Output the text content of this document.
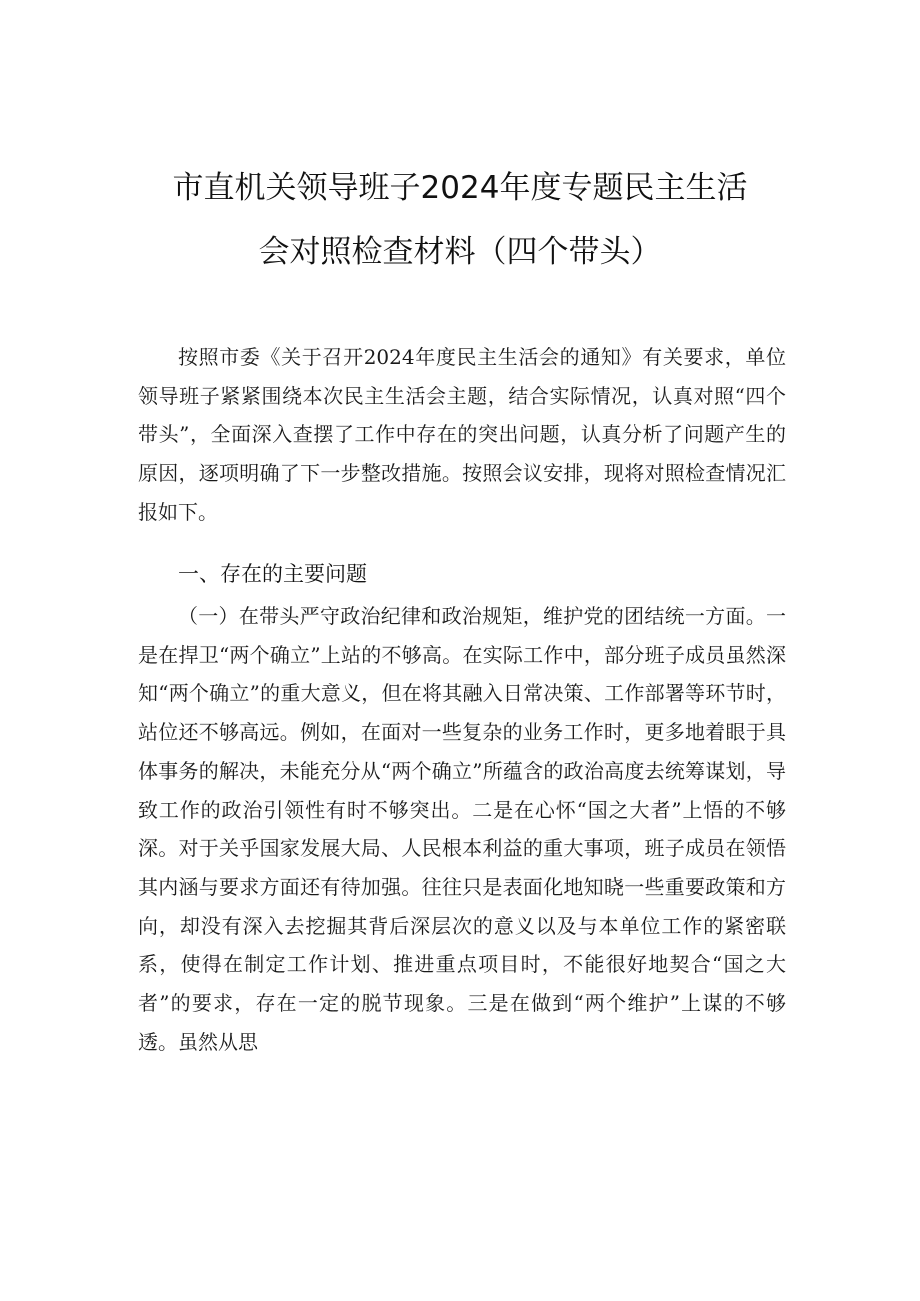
市直机关领导班子2024年度专题民主生活
会对照检查材料（四个带头）

按照市委《关于召开2024年度民主生活会的通知》有关要求，单位领导班子紧紧围绕本次民主生活会主题，结合实际情况，认真对照“四个带头”，全面深入查摆了工作中存在的突出问题，认真分析了问题产生的原因，逐项明确了下一步整改措施。按照会议安排，现将对照检查情况汇报如下。

一、存在的主要问题

（一）在带头严守政治纪律和政治规矩，维护党的团结统一方面。一是在捍卫“两个确立”上站的不够高。在实际工作中，部分班子成员虽然深知“两个确立”的重大意义，但在将其融入日常决策、工作部署等环节时，站位还不够高远。例如，在面对一些复杂的业务工作时，更多地着眼于具体事务的解决，未能充分从“两个确立”所蕴含的政治高度去统筹谋划，导致工作的政治引领性有时不够突出。二是在心怀“国之大者”上悟的不够深。对于关乎国家发展大局、人民根本利益的重大事项，班子成员在领悟其内涵与要求方面还有待加强。往往只是表面化地知晓一些重要政策和方向，却没有深入去挖掘其背后深层次的意义以及与本单位工作的紧密联系，使得在制定工作计划、推进重点项目时，不能很好地契合“国之大者”的要求，存在一定的脱节现象。三是在做到“两个维护”上谋的不够透。虽然从思
